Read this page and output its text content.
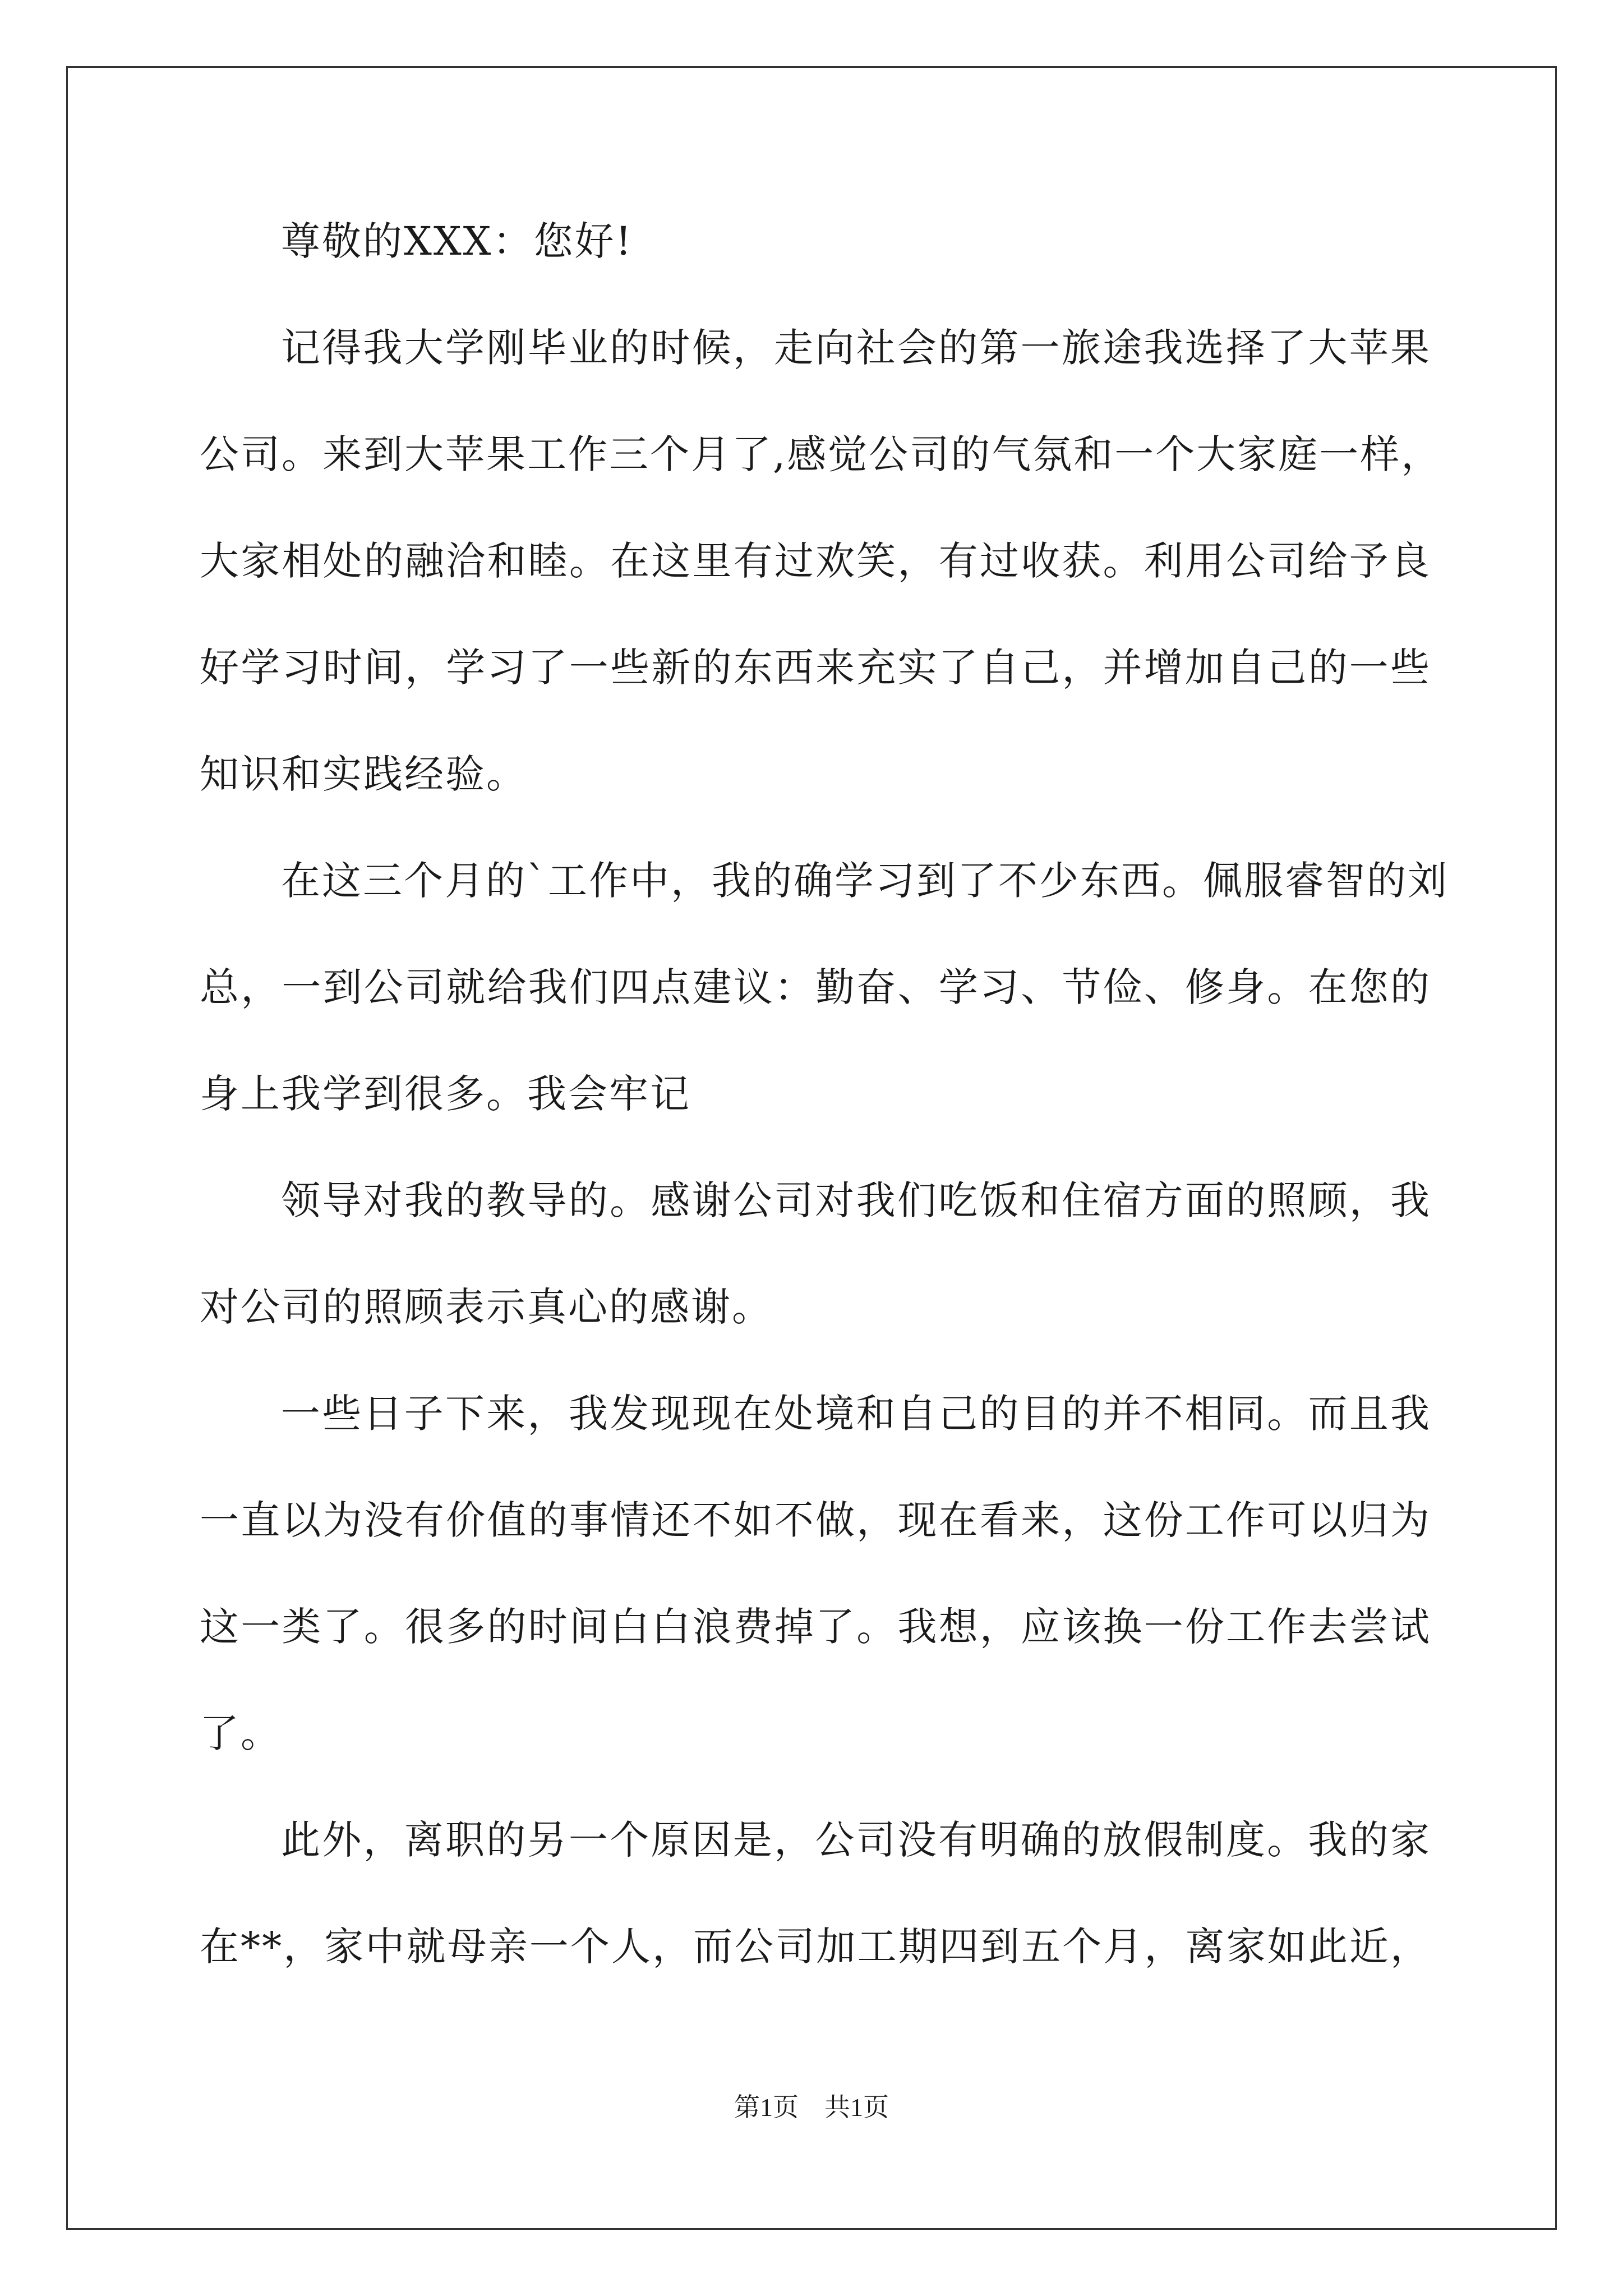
尊敬的XXX：您好!
记得我大学刚毕业的时候，走向社会的第一旅途我选择了大苹果
公司。来到大苹果工作三个月了,感觉公司的气氛和一个大家庭一样，
大家相处的融洽和睦。在这里有过欢笑，有过收获。利用公司给予良
好学习时间，学习了一些新的东西来充实了自己，并增加自己的一些
知识和实践经验。
在这三个月的`工作中，我的确学习到了不少东西。佩服睿智的刘
总，一到公司就给我们四点建议：勤奋、学习、节俭、修身。在您的
身上我学到很多。我会牢记
领导对我的教导的。感谢公司对我们吃饭和住宿方面的照顾，我
对公司的照顾表示真心的感谢。
一些日子下来，我发现现在处境和自己的目的并不相同。而且我
一直以为没有价值的事情还不如不做，现在看来，这份工作可以归为
这一类了。很多的时间白白浪费掉了。我想，应该换一份工作去尝试
了。
此外，离职的另一个原因是，公司没有明确的放假制度。我的家
在**，家中就母亲一个人，而公司加工期四到五个月，离家如此近，
第1页　共1页
